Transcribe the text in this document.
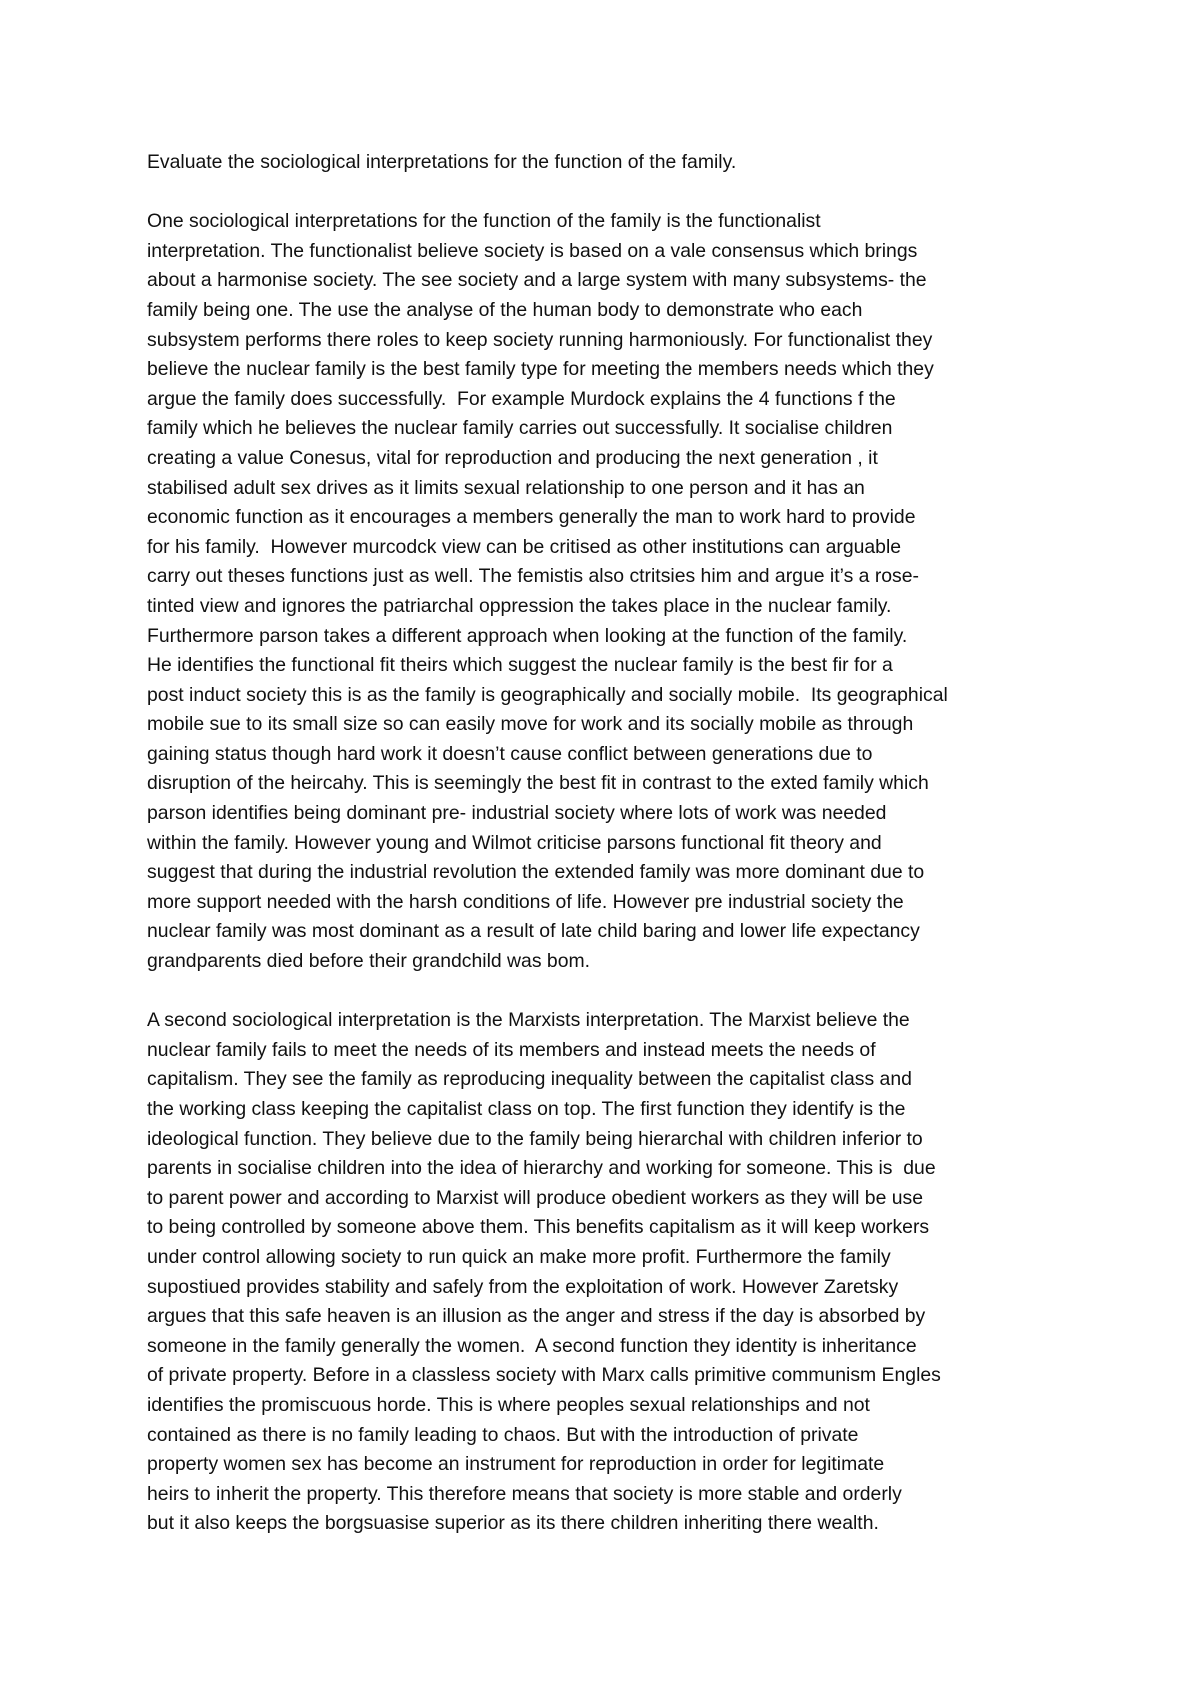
Evaluate the sociological interpretations for the function of the family.
One sociological interpretations for the function of the family is the functionalist
interpretation. The functionalist believe society is based on a vale consensus which brings
about a harmonise society. The see society and a large system with many subsystems- the
family being one. The use the analyse of the human body to demonstrate who each
subsystem performs there roles to keep society running harmoniously. For functionalist they
believe the nuclear family is the best family type for meeting the members needs which they
argue the family does successfully.  For example Murdock explains the 4 functions f the
family which he believes the nuclear family carries out successfully. It socialise children
creating a value Conesus, vital for reproduction and producing the next generation , it
stabilised adult sex drives as it limits sexual relationship to one person and it has an
economic function as it encourages a members generally the man to work hard to provide
for his family.  However murcodck view can be critised as other institutions can arguable
carry out theses functions just as well. The femistis also ctritsies him and argue it’s a rose-
tinted view and ignores the patriarchal oppression the takes place in the nuclear family.
Furthermore parson takes a different approach when looking at the function of the family.
He identifies the functional fit theirs which suggest the nuclear family is the best fir for a
post induct society this is as the family is geographically and socially mobile.  Its geographical
mobile sue to its small size so can easily move for work and its socially mobile as through
gaining status though hard work it doesn’t cause conflict between generations due to
disruption of the heircahy. This is seemingly the best fit in contrast to the exted family which
parson identifies being dominant pre- industrial society where lots of work was needed
within the family. However young and Wilmot criticise parsons functional fit theory and
suggest that during the industrial revolution the extended family was more dominant due to
more support needed with the harsh conditions of life. However pre industrial society the
nuclear family was most dominant as a result of late child baring and lower life expectancy
grandparents died before their grandchild was bom.
A second sociological interpretation is the Marxists interpretation. The Marxist believe the
nuclear family fails to meet the needs of its members and instead meets the needs of
capitalism. They see the family as reproducing inequality between the capitalist class and
the working class keeping the capitalist class on top. The first function they identify is the
ideological function. They believe due to the family being hierarchal with children inferior to
parents in socialise children into the idea of hierarchy and working for someone. This is  due
to parent power and according to Marxist will produce obedient workers as they will be use
to being controlled by someone above them. This benefits capitalism as it will keep workers
under control allowing society to run quick an make more profit. Furthermore the family
supostiued provides stability and safely from the exploitation of work. However Zaretsky
argues that this safe heaven is an illusion as the anger and stress if the day is absorbed by
someone in the family generally the women.  A second function they identity is inheritance
of private property. Before in a classless society with Marx calls primitive communism Engles
identifies the promiscuous horde. This is where peoples sexual relationships and not
contained as there is no family leading to chaos. But with the introduction of private
property women sex has become an instrument for reproduction in order for legitimate
heirs to inherit the property. This therefore means that society is more stable and orderly
but it also keeps the borgsuasise superior as its there children inheriting there wealth.
